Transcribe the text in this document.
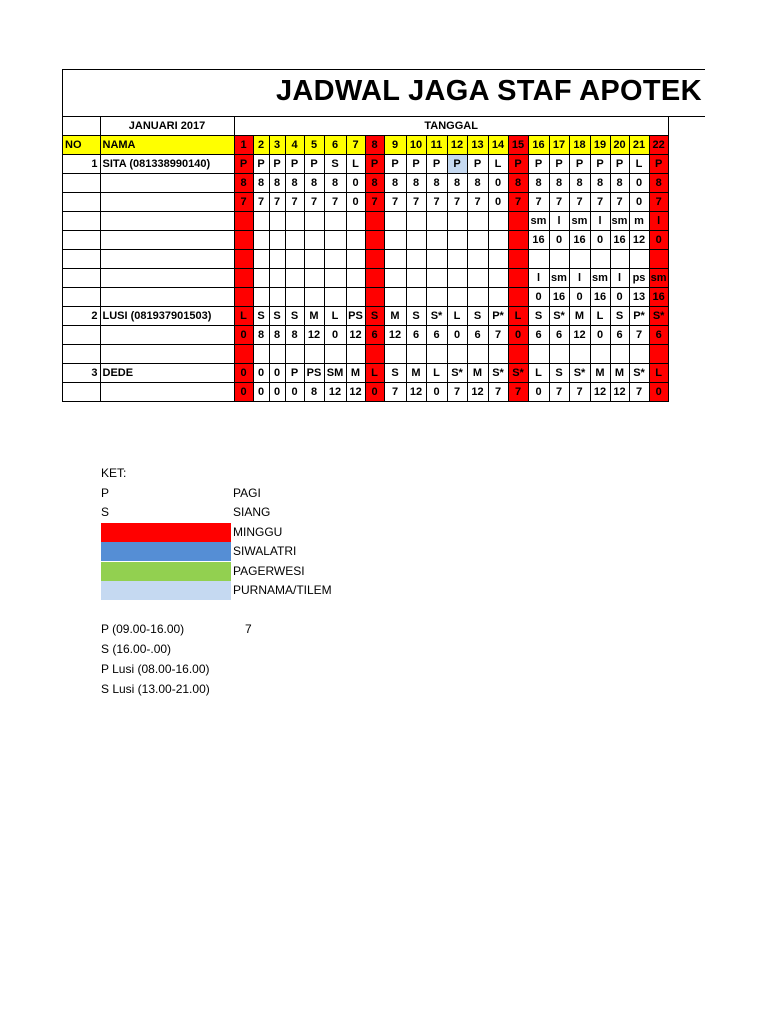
JADWAL JAGA STAF APOTEK
	JANUARI 2017	TANGGAL																					
NO	NAMA	1	2	3	4	5	6	7	8	9	10	11	12	13	14	15	16	17	18	19	20	21	22
1	SITA (081338990140)	P	P	P	P	P	S	L	P	P	P	P	P	P	L	P	P	P	P	P	P	L	P
		8	8	8	8	8	8	0	8	8	8	8	8	8	0	8	8	8	8	8	8	0	8
		7	7	7	7	7	7	0	7	7	7	7	7	7	0	7	7	7	7	7	7	0	7
																	sm	l	sm	l	sm	m	l
																	16	0	16	0	16	12	0

																	l	sm	l	sm	l	ps	sm
																	0	16	0	16	0	13	16
2	LUSI (081937901503)	L	S	S	S	M	L	PS	S	M	S	S*	L	S	P*	L	S	S*	M	L	S	P*	S*
		0	8	8	8	12	0	12	6	12	6	6	0	6	7	0	6	6	12	0	6	7	6

3	DEDE	0	0	0	P	PS	SM	M	L	S	M	L	S*	M	S*	S*	L	S	S*	M	M	S*	L
		0	0	0	0	8	12	12	0	7	12	0	7	12	7	7	0	7	7	12	12	7	0
KET:
P	PAGI
S	SIANG
MINGGU
SIWALATRI
PAGERWESI
PURNAMA/TILEM
P (09.00-16.00)	7
S (16.00-.00)
P Lusi (08.00-16.00)
S Lusi (13.00-21.00)
